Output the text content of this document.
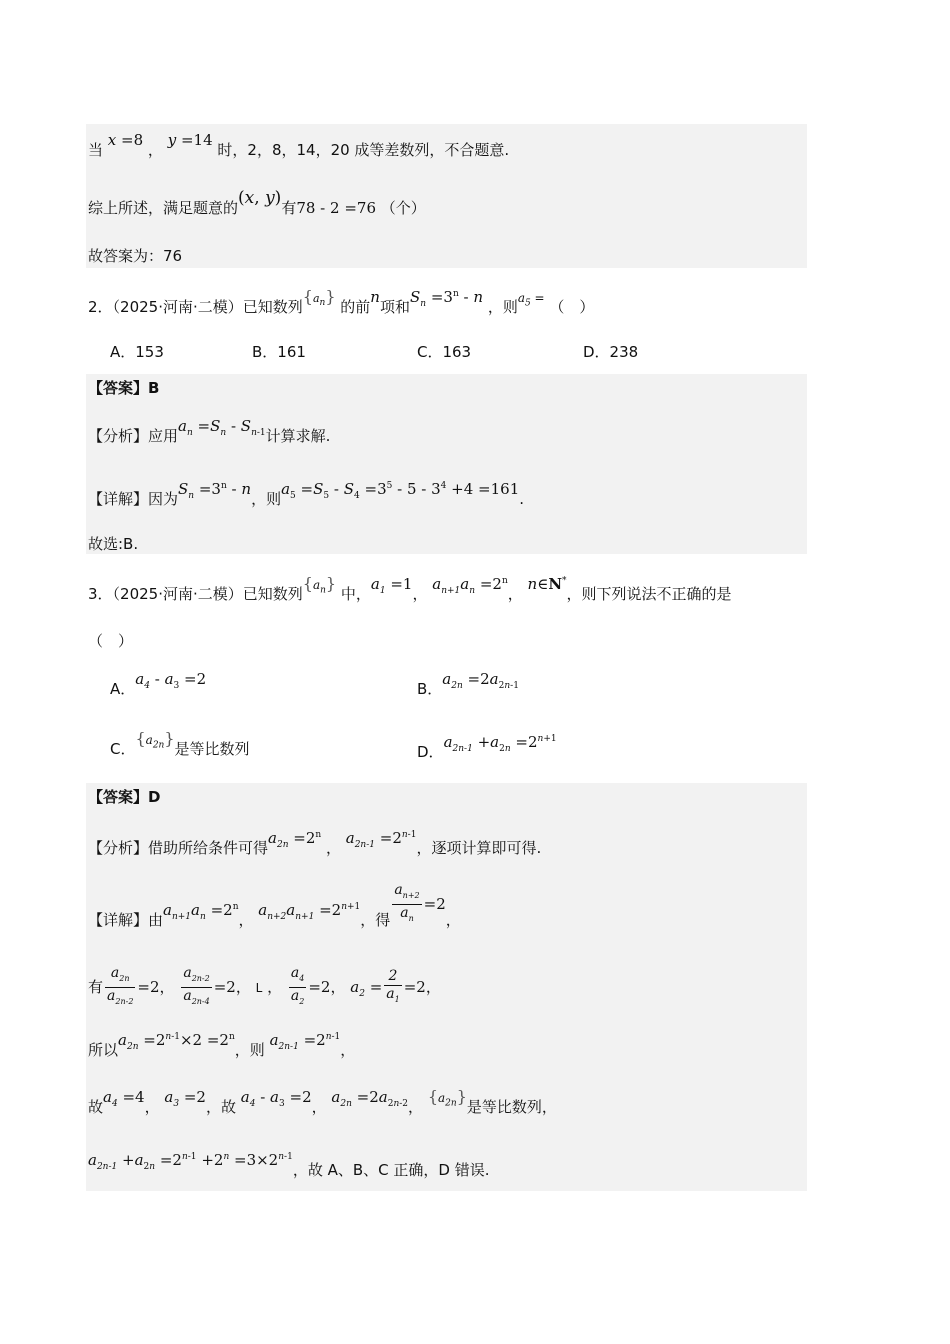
当 x =8 ， y =14 时，2，8，14，20 成等差数列，不合题意.
综上所述，满足题意的(x, y)有78 - 2 =76 （个）
故答案为：76
2．（2025·河南·二模）已知数列{$^{a_n}$} 的前n项和$S_n =3^n - n$ ，则$^{a_5}$ = （　）
A．153	B．161	C．163	D．238
【答案】B
【分析】应用$a_n =S_n - S_{n-1}$计算求解.
【详解】因为$S_n =3^n - n$，则$a_5 =S_5 - S_4 =3^5 - 5 - 3^4 +4 =161$.
故选:B.
3．（2025·河南·二模）已知数列{$^{a_n}$} 中，$a_1 =1$， $a_{n+1}a_n =2^n$， n∈N*，则下列说法不正确的是
（　）
A．$a_4 - a_3 =2$
B．$a_{2n} =2a_{2n-1}$
C．{$^{a_{2n}}$}是等比数列	D．$a_{2n-1} +a_{2n} =2^{n+1}$
【答案】D
【分析】借助所给条件可得$a_{2n} =2^n$ ， $a_{2n-1} =2^{n-1}$，逐项计算即可得.
【详解】由$a_{n+1}a_n =2^n$， $a_{n+2}a_{n+1} =2^{n+1}$，得 $\frac{a_{n+2}}{a_n} =2$，
有 $\frac{a_{2n}}{a_{2n-2}} =2$， $\frac{a_{2n-2}}{a_{2n-4}} =2$， L ， $\frac{a_4}{a_2} =2$， $a_2 = \frac{2}{a_1} =2$，
所以$a_{2n} =2^{n-1}\times 2 =2^n$，则 $a_{2n-1} =2^{n-1}$，
故$a_4 =4$， $a_3 =2$，故 $a_4 - a_3 =2$， $a_{2n} =2a_{2n-2}$， {$^{a_{2n}}$}是等比数列，
$a_{2n-1} +a_{2n} =2^{n-1} +2^n =3\times 2^{n-1}$，故 A、B、C 正确，D 错误.
